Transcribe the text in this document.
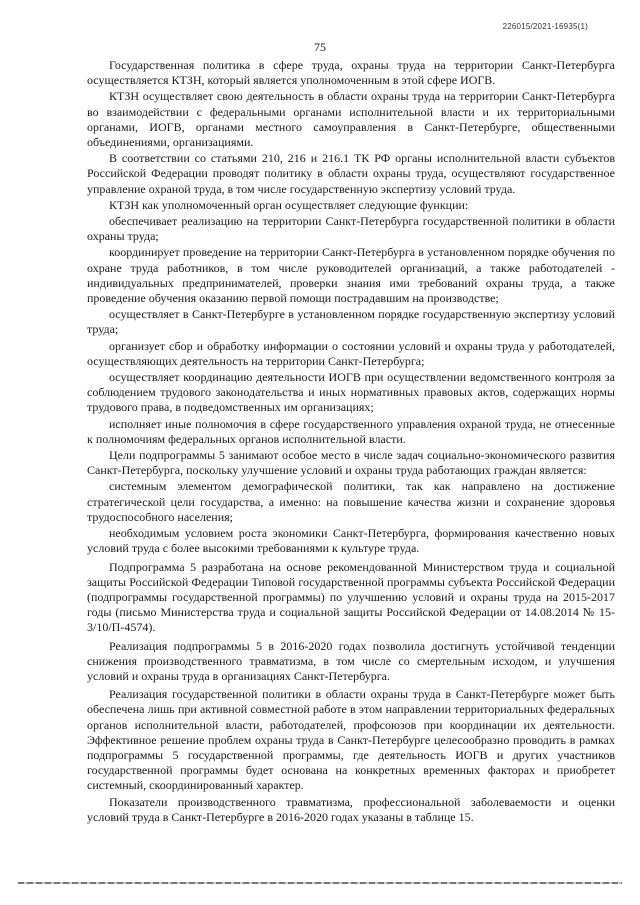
226015/2021-16935(1)
75

Государственная политика в сфере труда, охраны труда на территории Санкт-Петербурга осуществляется КТЗН, который является уполномоченным в этой сфере ИОГВ.

КТЗН осуществляет свою деятельность в области охраны труда на территории Санкт-Петербурга во взаимодействии с федеральными органами исполнительной власти и их территориальными органами, ИОГВ, органами местного самоуправления в Санкт-Петербурге, общественными объединениями, организациями.

В соответствии со статьями 210, 216 и 216.1 ТК РФ органы исполнительной власти субъектов Российской Федерации проводят политику в области охраны труда, осуществляют государственное управление охраной труда, в том числе государственную экспертизу условий труда.

КТЗН как уполномоченный орган осуществляет следующие функции:

обеспечивает реализацию на территории Санкт-Петербурга государственной политики в области охраны труда;

координирует проведение на территории Санкт-Петербурга в установленном порядке обучения по охране труда работников, в том числе руководителей организаций, а также работодателей - индивидуальных предпринимателей, проверки знания ими требований охраны труда, а также проведение обучения оказанию первой помощи пострадавшим на производстве;

осуществляет в Санкт-Петербурге в установленном порядке государственную экспертизу условий труда;

организует сбор и обработку информации о состоянии условий и охраны труда у работодателей, осуществляющих деятельность на территории Санкт-Петербурга;

осуществляет координацию деятельности ИОГВ при осуществлении ведомственного контроля за соблюдением трудового законодательства и иных нормативных правовых актов, содержащих нормы трудового права, в подведомственных им организациях;

исполняет иные полномочия в сфере государственного управления охраной труда, не отнесенные к полномочиям федеральных органов исполнительной власти.

Цели подпрограммы 5 занимают особое место в числе задач социально-экономического развития Санкт-Петербурга, поскольку улучшение условий и охраны труда работающих граждан является:

системным элементом демографической политики, так как направлено на достижение стратегической цели государства, а именно: на повышение качества жизни и сохранение здоровья трудоспособного населения;

необходимым условием роста экономики Санкт-Петербурга, формирования качественно новых условий труда с более высокими требованиями к культуре труда.

Подпрограмма 5 разработана на основе рекомендованной Министерством труда и социальной защиты Российской Федерации Типовой государственной программы субъекта Российской Федерации (подпрограммы государственной программы) по улучшению условий и охраны труда на 2015-2017 годы (письмо Министерства труда и социальной защиты Российской Федерации от 14.08.2014 № 15-3/10/П-4574).

Реализация подпрограммы 5 в 2016-2020 годах позволила достигнуть устойчивой тенденции снижения производственного травматизма, в том числе со смертельным исходом, и улучшения условий и охраны труда в организациях Санкт-Петербурга.

Реализация государственной политики в области охраны труда в Санкт-Петербурге может быть обеспечена лишь при активной совместной работе в этом направлении территориальных федеральных органов исполнительной власти, работодателей, профсоюзов при координации их деятельности. Эффективное решение проблем охраны труда в Санкт-Петербурге целесообразно проводить в рамках подпрограммы 5 государственной программы, где деятельность ИОГВ и других участников государственной программы будет основана на конкретных временных факторах и приобретет системный, скоординированный характер.

Показатели производственного травматизма, профессиональной заболеваемости и оценки условий труда в Санкт-Петербурге в 2016-2020 годах указаны в таблице 15.
